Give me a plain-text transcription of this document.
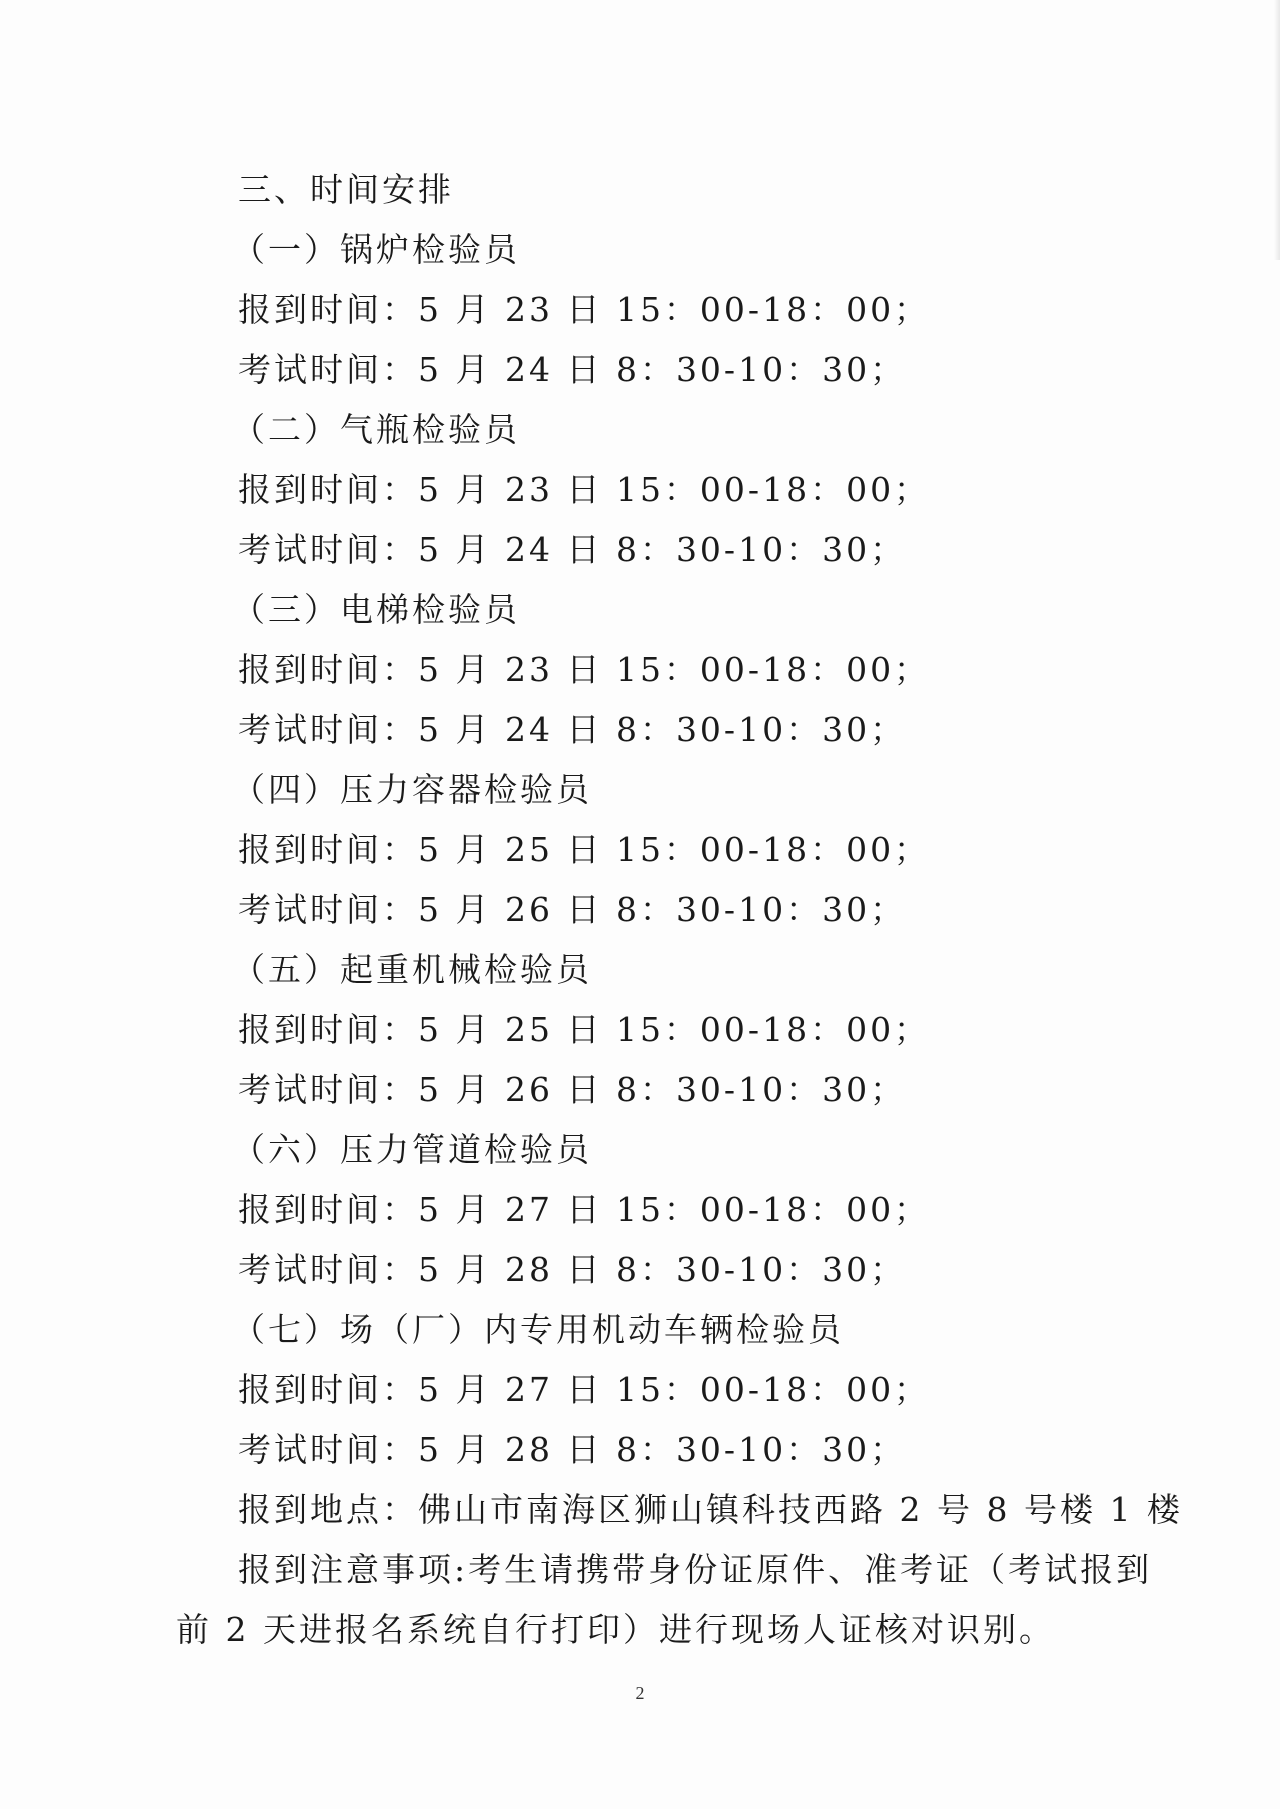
三、时间安排
（一）锅炉检验员
报到时间：5 月 23 日 15：00-18：00；
考试时间：5 月 24 日 8：30-10：30；
（二）气瓶检验员
报到时间：5 月 23 日 15：00-18：00；
考试时间：5 月 24 日 8：30-10：30；
（三）电梯检验员
报到时间：5 月 23 日 15：00-18：00；
考试时间：5 月 24 日 8：30-10：30；
（四）压力容器检验员
报到时间：5 月 25 日 15：00-18：00；
考试时间：5 月 26 日 8：30-10：30；
（五）起重机械检验员
报到时间：5 月 25 日 15：00-18：00；
考试时间：5 月 26 日 8：30-10：30；
（六）压力管道检验员
报到时间：5 月 27 日 15：00-18：00；
考试时间：5 月 28 日 8：30-10：30；
（七）场（厂）内专用机动车辆检验员
报到时间：5 月 27 日 15：00-18：00；
考试时间：5 月 28 日 8：30-10：30；
报到地点：佛山市南海区狮山镇科技西路 2 号 8 号楼 1 楼
报到注意事项:考生请携带身份证原件、准考证（考试报到
前 2 天进报名系统自行打印）进行现场人证核对识别。
2
